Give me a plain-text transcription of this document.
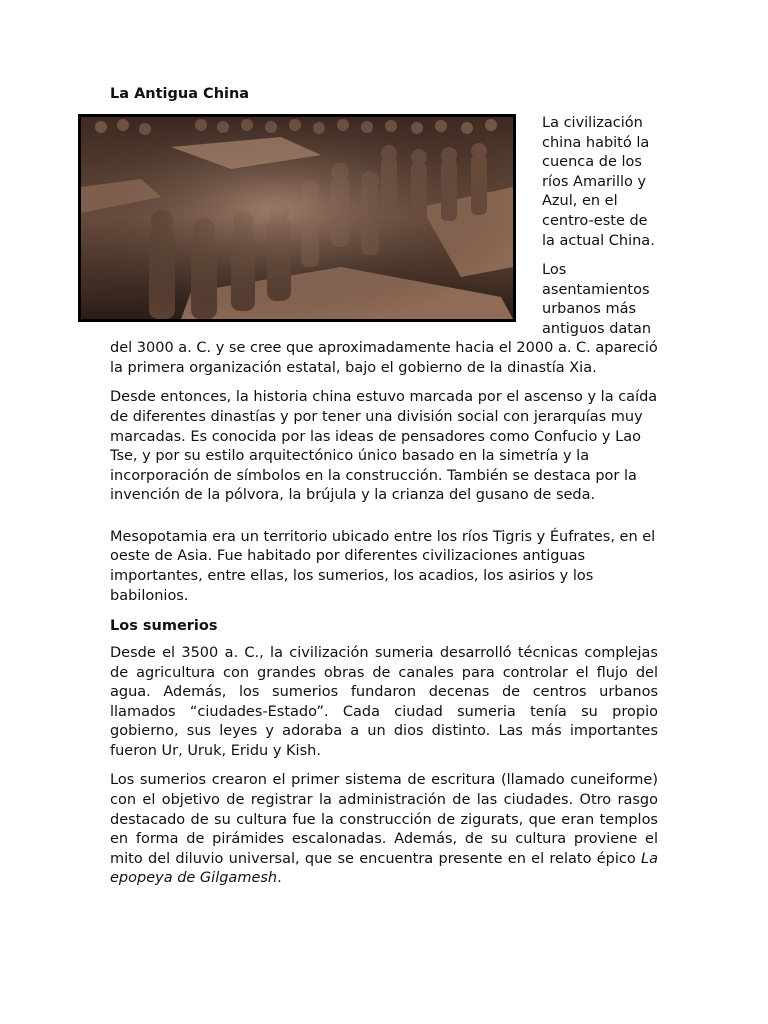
La Antigua China

La civilización china habitó la cuenca de los ríos Amarillo y Azul, en el centro-este de la actual China.

Los asentamientos urbanos más antiguos datan del 3000 a. C. y se cree que aproximadamente hacia el 2000 a. C. apareció la primera organización estatal, bajo el gobierno de la dinastía Xia.

Desde entonces, la historia china estuvo marcada por el ascenso y la caída de diferentes dinastías y por tener una división social con jerarquías muy marcadas. Es conocida por las ideas de pensadores como Confucio y Lao Tse, y por su estilo arquitectónico único basado en la simetría y la incorporación de símbolos en la construcción. También se destaca por la invención de la pólvora, la brújula y la crianza del gusano de seda.

Mesopotamia era un territorio ubicado entre los ríos Tigris y Éufrates, en el oeste de Asia. Fue habitado por diferentes civilizaciones antiguas importantes, entre ellas, los sumerios, los acadios, los asirios y los babilonios.

Los sumerios

Desde el 3500 a. C., la civilización sumeria desarrolló técnicas complejas de agricultura con grandes obras de canales para controlar el flujo del agua. Además, los sumerios fundaron decenas de centros urbanos llamados “ciudades-Estado”. Cada ciudad sumeria tenía su propio gobierno, sus leyes y adoraba a un dios distinto. Las más importantes fueron Ur, Uruk, Eridu y Kish.

Los sumerios crearon el primer sistema de escritura (llamado cuneiforme) con el objetivo de registrar la administración de las ciudades. Otro rasgo destacado de su cultura fue la construcción de zigurats, que eran templos en forma de pirámides escalonadas. Además, de su cultura proviene el mito del diluvio universal, que se encuentra presente en el relato épico La epopeya de Gilgamesh.
